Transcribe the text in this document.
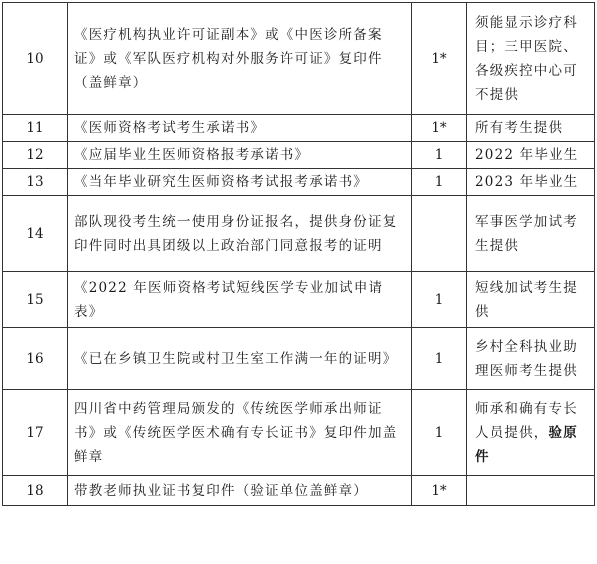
10	《医疗机构执业许可证副本》或《中医诊所备案证》或《军队医疗机构对外服务许可证》复印件（盖鲜章）	1*	须能显示诊疗科目；三甲医院、各级疾控中心可不提供
11	《医师资格考试考生承诺书》	1*	所有考生提供
12	《应届毕业生医师资格报考承诺书》	1	2022 年毕业生
13	《当年毕业研究生医师资格考试报考承诺书》	1	2023 年毕业生
14	部队现役考生统一使用身份证报名，提供身份证复印件同时出具团级以上政治部门同意报考的证明		军事医学加试考生提供
15	《2022 年医师资格考试短线医学专业加试申请表》	1	短线加试考生提供
16	《已在乡镇卫生院或村卫生室工作满一年的证明》	1	乡村全科执业助理医师考生提供
17	四川省中药管理局颁发的《传统医学师承出师证书》或《传统医学医术确有专长证书》复印件加盖鲜章	1	师承和确有专长人员提供，验原件
18	带教老师执业证书复印件（验证单位盖鲜章）	1*	
